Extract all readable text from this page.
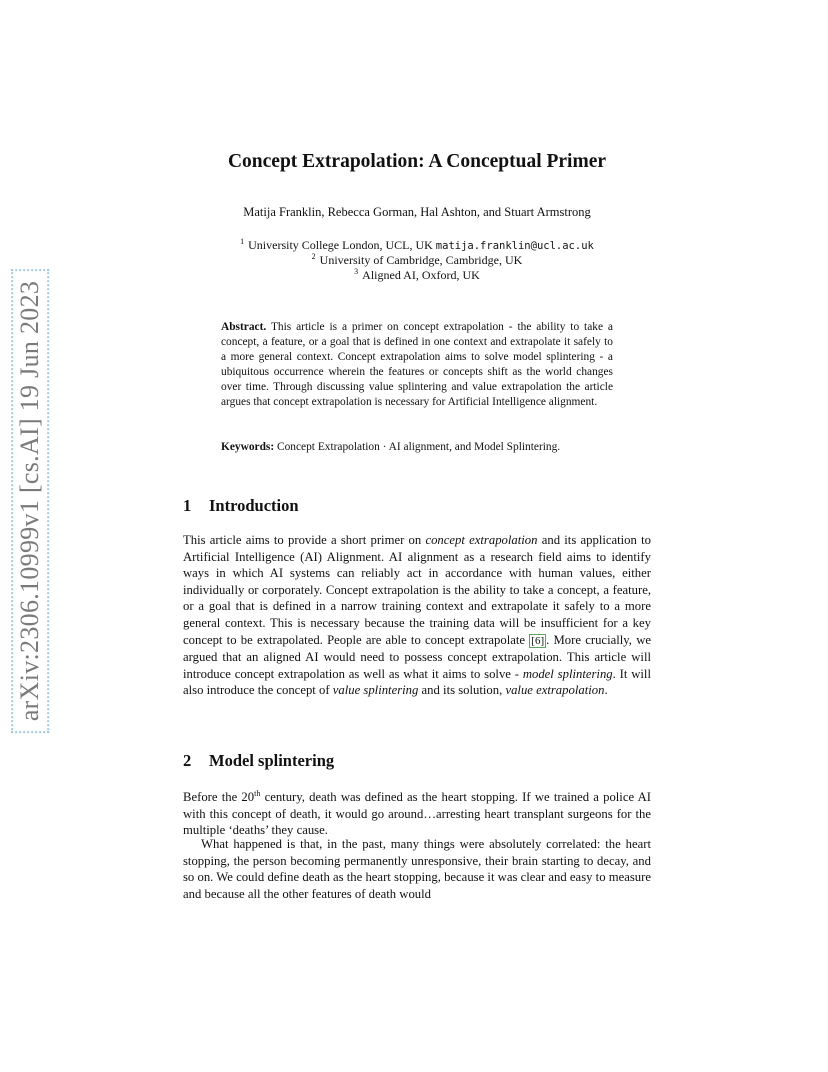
arXiv:2306.10999v1 [cs.AI] 19 Jun 2023
Concept Extrapolation: A Conceptual Primer
Matija Franklin, Rebecca Gorman, Hal Ashton, and Stuart Armstrong
$^1$ University College London, UCL, UK matija.franklin@ucl.ac.uk
$^2$ University of Cambridge, Cambridge, UK
$^3$ Aligned AI, Oxford, UK
Abstract. This article is a primer on concept extrapolation - the ability to take a concept, a feature, or a goal that is defined in one context and extrapolate it safely to a more general context. Concept extrapolation aims to solve model splintering - a ubiquitous occurrence wherein the features or concepts shift as the world changes over time. Through discussing value splintering and value extrapolation the article argues that concept extrapolation is necessary for Artificial Intelligence alignment.
Keywords: Concept Extrapolation · AI alignment, and Model Splintering.
1 Introduction
This article aims to provide a short primer on concept extrapolation and its application to Artificial Intelligence (AI) Alignment. AI alignment as a research field aims to identify ways in which AI systems can reliably act in accordance with human values, either individually or corporately. Concept extrapolation is the ability to take a concept, a feature, or a goal that is defined in a narrow training context and extrapolate it safely to a more general context. This is necessary because the training data will be insufficient for a key concept to be extrapolated. People are able to concept extrapolate [6] . More crucially, we argued that an aligned AI would need to possess concept extrapolation. This article will introduce concept extrapolation as well as what it aims to solve - model splintering. It will also introduce the concept of value splintering and its solution, value extrapolation.
2 Model splintering
Before the 20th century, death was defined as the heart stopping. If we trained a police AI with this concept of death, it would go around…arresting heart transplant surgeons for the multiple ‘deaths’ they cause.
What happened is that, in the past, many things were absolutely correlated: the heart stopping, the person becoming permanently unresponsive, their brain starting to decay, and so on. We could define death as the heart stopping, because it was clear and easy to measure and because all the other features of death would
